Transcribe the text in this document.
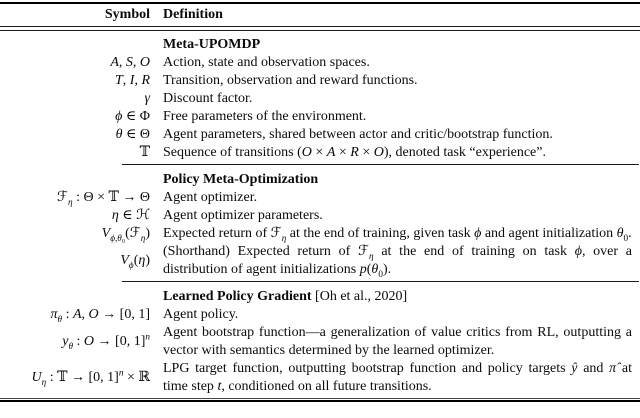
Symbol Definition
Meta-UPOMDP
A, S, O Action, state and observation spaces.
T, I, R Transition, observation and reward functions.
γ Discount factor.
ϕ ∈ Φ Free parameters of the environment.
θ ∈ Θ Agent parameters, shared between actor and critic/bootstrap function.
𝕋 Sequence of transitions (O × A × R × O), denoted task “experience”.
Policy Meta-Optimization
ℱ$_\eta$ : Θ × 𝕋 → Θ Agent optimizer.
η ∈ ℋ Agent optimizer parameters.
$V_{\phi,\theta_0}(ℱ_\eta)$ Expected return of ℱ$_\eta$ at the end of training, given task ϕ and agent initialization $\theta_0$.
$V_\phi(\eta)$
(Shorthand) Expected return of ℱ$_\eta$ at the end of training on task ϕ, over a distribution of agent initializations $p(\theta_0)$.
Learned Policy Gradient [Oh et al., 2020]
$\pi_\theta$ : A, O → [0, 1] Agent policy.
$y_\theta$ : O → [0, 1]$^n$ Agent bootstrap function—a generalization of value critics from RL, outputting a vector with semantics determined by the learned optimizer.
$U_\eta$ : 𝕋 → [0, 1]$^n$ × ℝ
LPG target function, outputting bootstrap function and policy targets ŷ and π̂ at time step t, conditioned on all future transitions.
